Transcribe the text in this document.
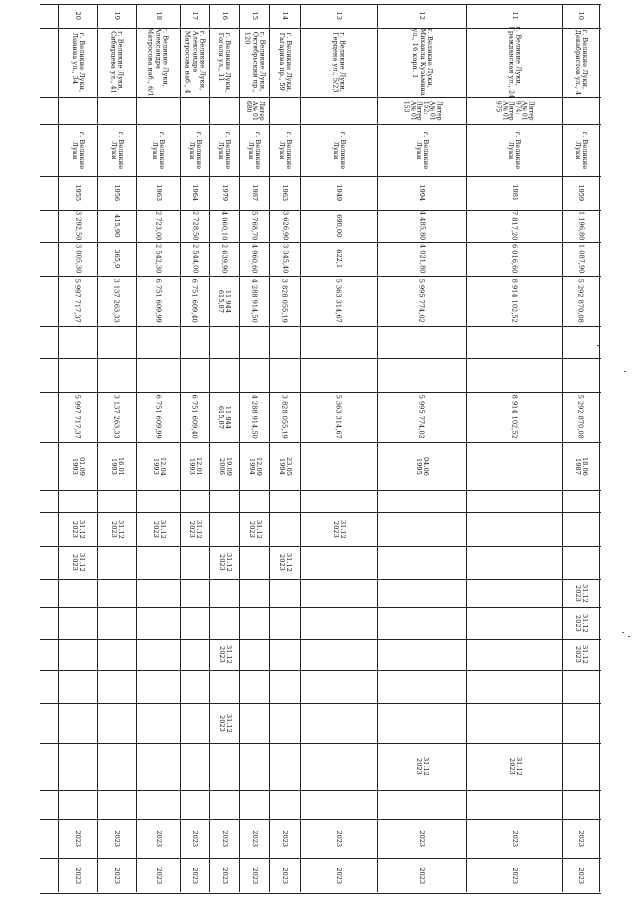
10
г. Великие Луки,
Декабристов ул., 4
г. Великие
Луки
1959
1 196,80
1 087,90
5 292 870,08
5 292 870,08
18.06
1987
31.12
2023
31.12
2023
31.12
2023
2023
2023
11
г. Великие Луки,
Гражданская ул., 24
Литер
А№ 01
974;
Литер
А№ 01
975
г. Великие
Луки
1981
7 817,20
6 016,60
8 914 102,52
8 914 102,52
31.12
2023
2023
2023
12
г. Великие Луки,
Михаила Кузьмина
ул., 16 корп. 1
Литер
А№ 01
152;
Литер
А№ 01
153
г. Великие
Луки
1994
4 485,80
4 021,80
5 995 774,02
5 995 774,02
04.06
1995
31.12
2023
2023
2023
13
г. Великие Луки,
Герцена ул., 5/23
г. Великие
Луки
1949
690,00
622,1
5 363 314,67
5 363 314,67
31.12
2023
2023
2023
14
г. Великие Луки,
Гагарина пр., 59
г. Великие
Луки
1963
3 626,90
3 345,40
3 828 055,19
3 828 055,19
23.05
1994
31.12
2023
2023
2023
15
г. Великие Луки,
Октябрьский пр.,
120
Литер
А№ 01
680
г. Великие
Луки
1987
5 768,70
4 960,60
4 288 914,50
4 288 914,50
12.09
1994
31.12
2023
2023
2023
16
г. Великие Луки,
Гоголя ул., 11
г. Великие
Луки
1979
4 060,10
2 639,90
11 944
615,87
11 944
615,87
19.09
2006
31.12
2023
31.12
2023
31.12
2023
2023
2023
17
г. Великие Луки,
Александра
Матросова наб., 4
г. Великие
Луки
1964
2 728,50
2 544,00
6 751 609,40
6 751 609,40
12.01
1993
31.12
2023
2023
2023
18
г. Великие Луки,
Александра
Матросова наб., 6/1
г. Великие
Луки
1963
2 723,00
2 542,30
6 751 609,99
6 751 609,99
12.04
1993
31.12
2023
2023
2023
19
г. Великие Луки,
Сибирцева ул., 41
г. Великие
Луки
1956
415,90
365,9
3 137 263,33
3 137 263,33
16.01
1993
31.12
2023
2023
2023
20
г. Великие Луки,
Ленина ул., 34
г. Великие
Луки
1955
3 292,50
3 005,30
5 997 717,37
5 997 717,37
01.09
1993
31.12
2023
31.12
2023
2023
2023
